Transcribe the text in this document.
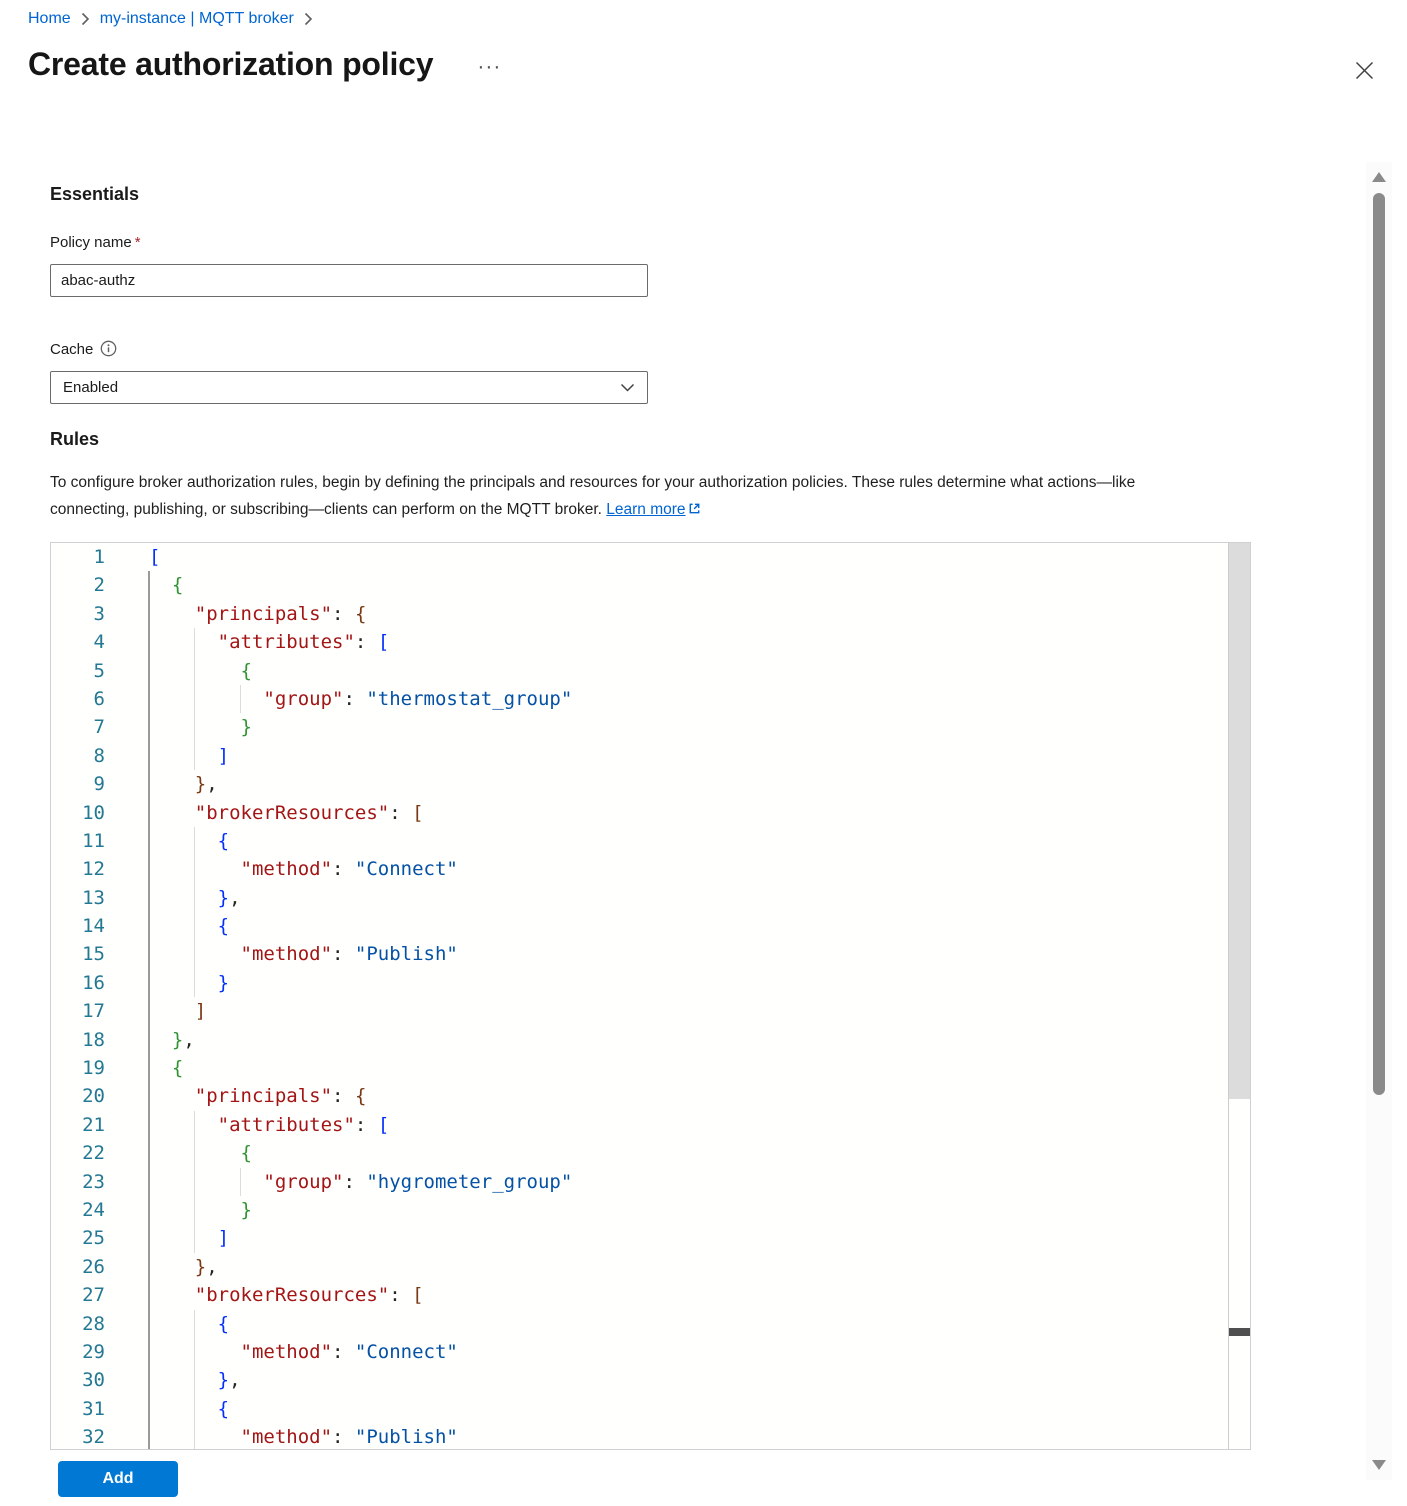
Home my-instance | MQTT broker
Create authorization policy ···
Essentials
Policy name *
abac-authz
Cache
Enabled
Rules

To configure broker authorization rules, begin by defining the principals and resources for your authorization policies. These rules determine what actions—like connecting, publishing, or subscribing—clients can perform on the MQTT broker. Learn more

1 [
2	{
3	"principals": {
4	"attributes": [
5	{
6	"group": "thermostat_group"
7	}
8	]
9	},
10	"brokerResources": [
11	{
12	"method": "Connect"
13	},
14	{
15	"method": "Publish"
16	}
17	]
18	},
19	{
20	"principals": {
21	"attributes": [
22	{
23	"group": "hygrometer_group"
24	}
25	]
26	},
27	"brokerResources": [
28	{
29	"method": "Connect"
30	},
31	{
32	"method": "Publish"
Add
